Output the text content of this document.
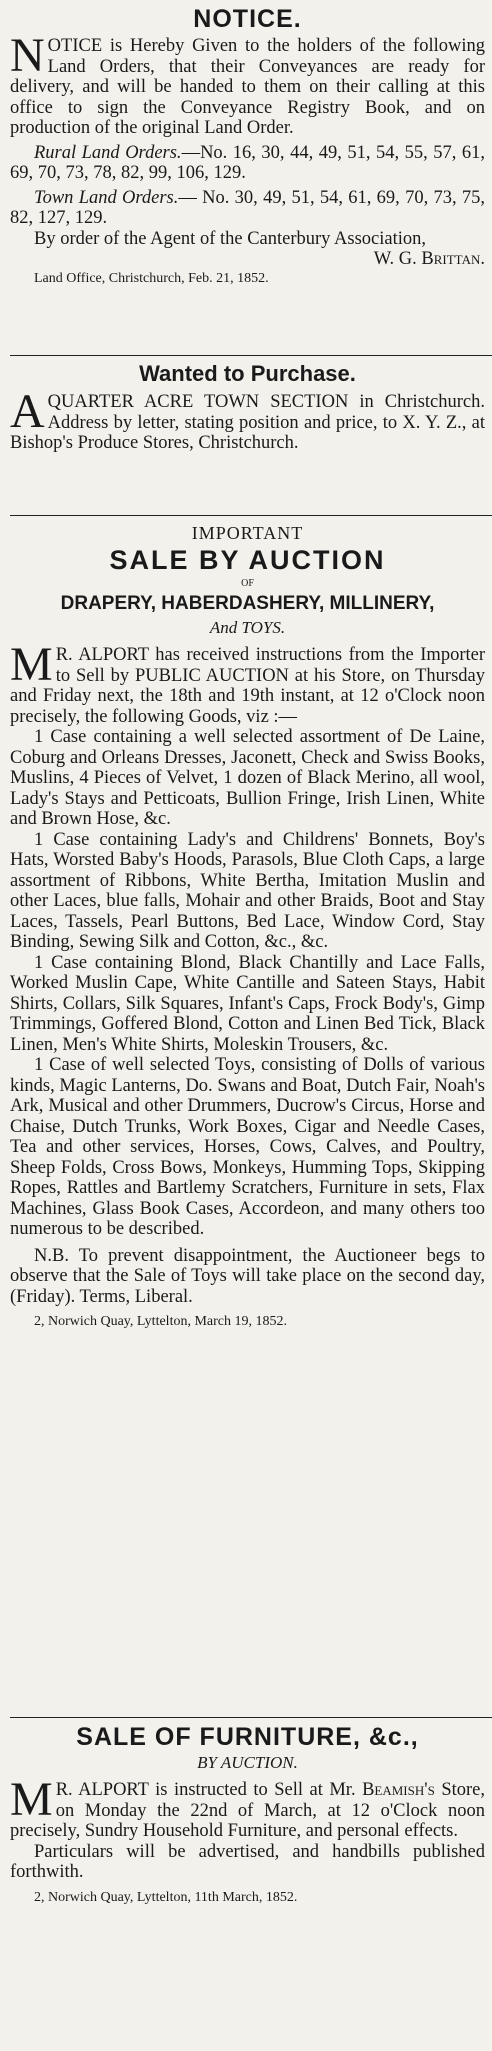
NOTICE.

NOTICE is Hereby Given to the holders of the following Land Orders, that their Conveyances are ready for delivery, and will be handed to them on their calling at this office to sign the Conveyance Registry Book, and on production of the original Land Order.

Rural Land Orders.—No. 16, 30, 44, 49, 51, 54, 55, 57, 61, 69, 70, 73, 78, 82, 99, 106, 129.

Town Land Orders.— No. 30, 49, 51, 54, 61, 69, 70, 73, 75, 82, 127, 129.

By order of the Agent of the Canterbury Association,
W. G. Brittan.

Land Office, Christchurch, Feb. 21, 1852.

Wanted to Purchase.

AQUARTER ACRE TOWN SECTION in Christchurch. Address by letter, stating position and price, to X. Y. Z., at Bishop's Produce Stores, Christchurch.

IMPORTANT
SALE BY AUCTION
OF
DRAPERY, HABERDASHERY, MILLINERY,
And TOYS.

M R. ALPORT has received instructions from the Importer to Sell by PUBLIC AUCTION at his Store, on Thursday and Friday next, the 18th and 19th instant, at 12 o'Clock noon precisely, the following Goods, viz :—

1 Case containing a well selected assortment of De Laine, Coburg and Orleans Dresses, Jaconett, Check and Swiss Books, Muslins, 4 Pieces of Velvet, 1 dozen of Black Merino, all wool, Lady's Stays and Petticoats, Bullion Fringe, Irish Linen, White and Brown Hose, &c.

1 Case containing Lady's and Childrens' Bonnets, Boy's Hats, Worsted Baby's Hoods, Parasols, Blue Cloth Caps, a large assortment of Ribbons, White Bertha, Imitation Muslin and other Laces, blue falls, Mohair and other Braids, Boot and Stay Laces, Tassels, Pearl Buttons, Bed Lace, Window Cord, Stay Binding, Sewing Silk and Cotton, &c., &c.

1 Case containing Blond, Black Chantilly and Lace Falls, Worked Muslin Cape, White Cantille and Sateen Stays, Habit Shirts, Collars, Silk Squares, Infant's Caps, Frock Body's, Gimp Trimmings, Goffered Blond, Cotton and Linen Bed Tick, Black Linen, Men's White Shirts, Moleskin Trousers, &c.

1 Case of well selected Toys, consisting of Dolls of various kinds, Magic Lanterns, Do. Swans and Boat, Dutch Fair, Noah's Ark, Musical and other Drummers, Ducrow's Circus, Horse and Chaise, Dutch Trunks, Work Boxes, Cigar and Needle Cases, Tea and other services, Horses, Cows, Calves, and Poultry, Sheep Folds, Cross Bows, Monkeys, Humming Tops, Skipping Ropes, Rattles and Bartlemy Scratchers, Furniture in sets, Flax Machines, Glass Book Cases, Accordeon, and many others too numerous to be described.

N.B. To prevent disappointment, the Auctioneer begs to observe that the Sale of Toys will take place on the second day, (Friday). Terms, Liberal.

2, Norwich Quay, Lyttelton, March 19, 1852.

SALE OF FURNITURE, &c.,
BY AUCTION.

M R. ALPORT is instructed to Sell at Mr. Beamish's Store, on Monday the 22nd of March, at 12 o'Clock noon precisely, Sundry Household Furniture, and personal effects.

Particulars will be advertised, and handbills published forthwith.

2, Norwich Quay, Lyttelton, 11th March, 1852.
